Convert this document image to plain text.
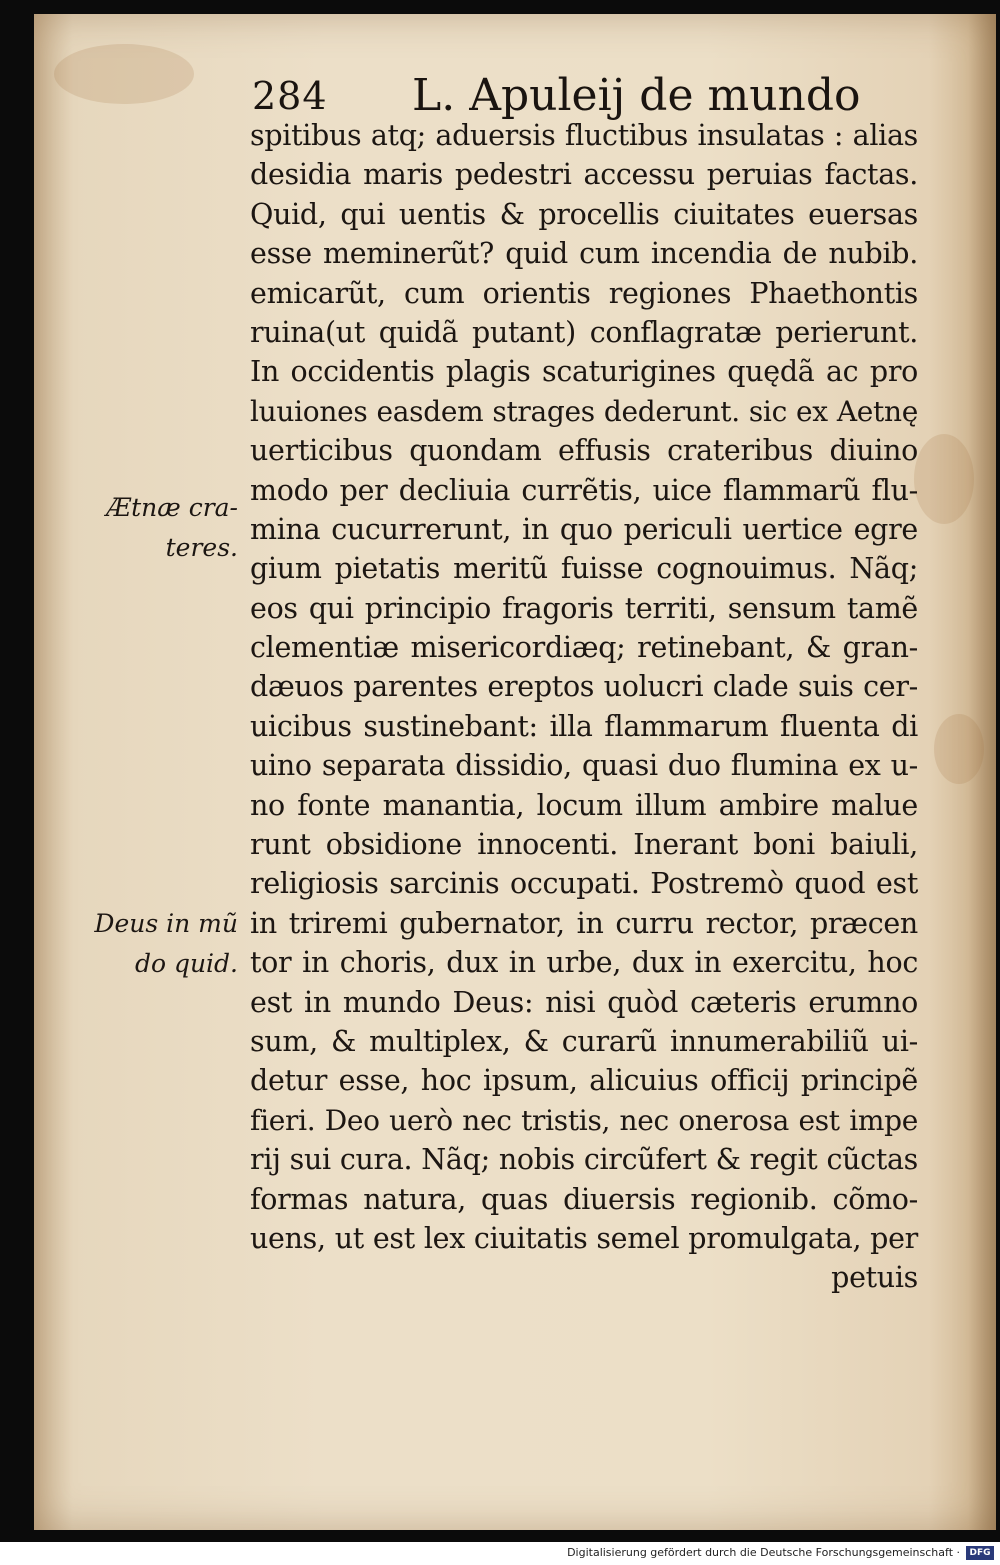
284 L. Apuleij de mundo
Ætnæ cra-
teres.
Deus in mũ
do quid.
spitibus atq; aduersis fluctibus insulatas : alias
desidia maris pedestri accessu peruias factas.
Quid, qui uentis & procellis ciuitates euersas
esse meminerũt? quid cum incendia de nubib.
emicarũt, cum orientis regiones Phaethontis
ruina(ut quidã putant) conflagratæ perierunt.
In occidentis plagis scaturigines quędã ac pro
luuiones easdem strages dederunt. sic ex Aetnę
uerticibus quondam effusis crateribus diuino
modo per decliuia currẽtis, uice flammarũ flu-
mina cucurrerunt, in quo periculi uertice egre
gium pietatis meritũ fuisse cognouimus. Nãq;
eos qui principio fragoris territi, sensum tamẽ
clementiæ misericordiæq; retinebant, & gran-
dæuos parentes ereptos uolucri clade suis cer-
uicibus sustinebant: illa flammarum fluenta di
uino separata dissidio, quasi duo flumina ex u-
no fonte manantia, locum illum ambire malue
runt obsidione innocenti. Inerant boni baiuli,
religiosis sarcinis occupati. Postremò quod est
in triremi gubernator, in curru rector, præcen
tor in choris, dux in urbe, dux in exercitu, hoc
est in mundo Deus: nisi quòd cæteris erumno
sum, & multiplex, & curarũ innumerabiliũ ui-
detur esse, hoc ipsum, alicuius officij principẽ
fieri. Deo uerò nec tristis, nec onerosa est impe
rij sui cura. Nãq; nobis circũfert & regit cũctas
formas natura, quas diuersis regionib. cõmo-
uens, ut est lex ciuitatis semel promulgata, per
petuis
Digitalisierung gefördert durch die Deutsche Forschungsgemeinschaft ·	DFG
